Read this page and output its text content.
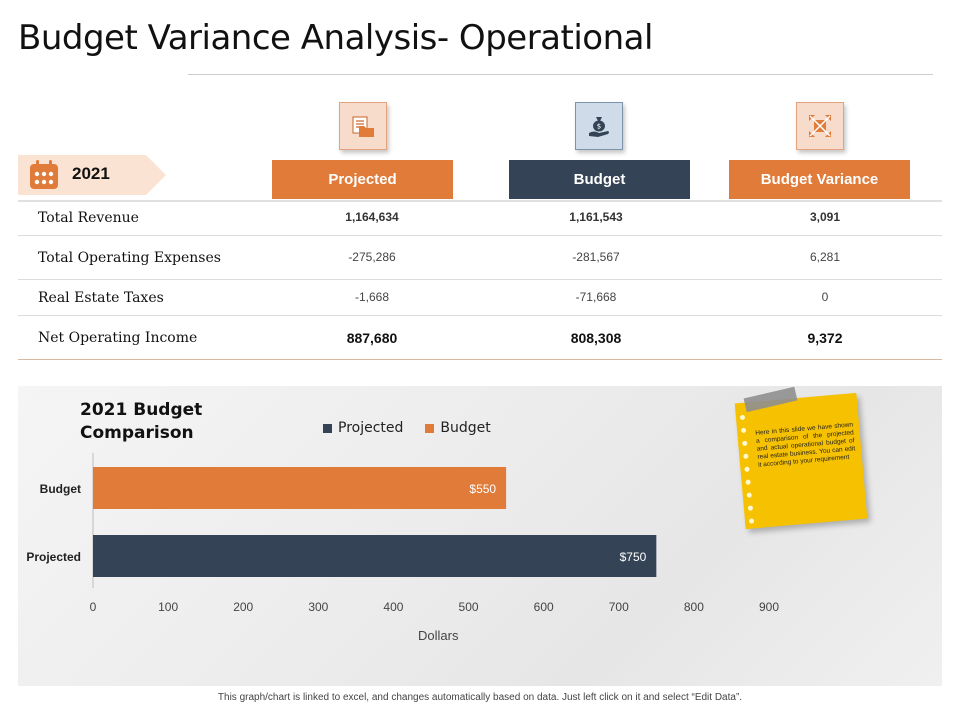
Budget Variance Analysis- Operational
$
2021	Projected	Budget	Budget Variance
Total Revenue	1,164,634	1,161,543	3,091
Total Operating Expenses	-275,286	-281,567	6,281
Real Estate Taxes	-1,668	-71,668	0
Net Operating Income	887,680	808,308	9,372
2021 Budget Comparison	Projected	Budget
Budget
Projected	$750
$550
0	100	200	300	400	500	600	700	800	900
Dollars
Here in this slide we have shown a comparison of the projected and actual operational budget of real estate business. You can edit it according to your requirement
This graph/chart is linked to excel, and changes automatically based on data. Just left click on it and select “Edit Data”.
